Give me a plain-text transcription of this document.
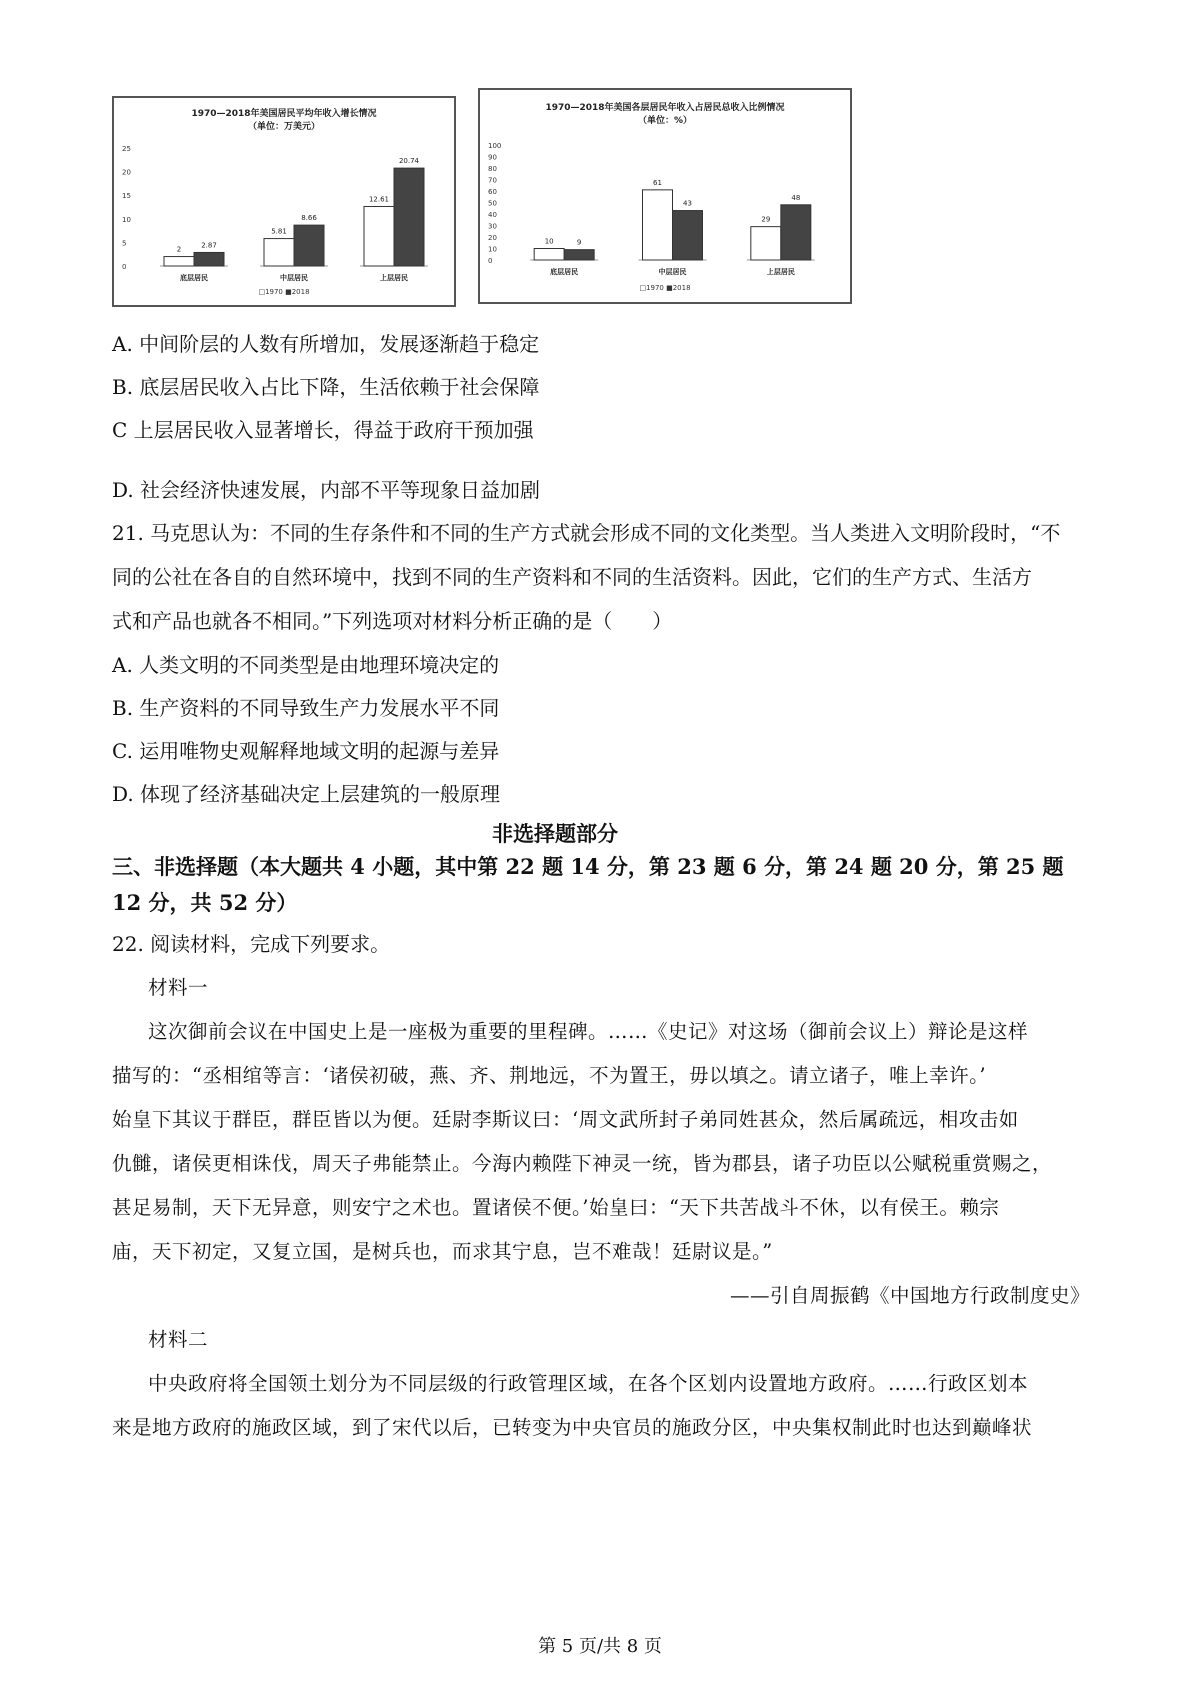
1970—2018年美国居民平均年收入增长情况
（单位：万美元）
0
5
10
15
20
25
2
2.87
底层居民
5.81
8.66
中层居民
12.61
20.74
上层居民
□1970 ■2018
1970—2018年美国各层居民年收入占居民总收入比例情况
（单位：%）
0
10
20
30
40
50
60
70
80
90
100
10	9
底层居民
61
43
中层居民
29
48
上层居民
□1970 ■2018
A. 中间阶层的人数有所增加，发展逐渐趋于稳定
B. 底层居民收入占比下降，生活依赖于社会保障
C 上层居民收入显著增长，得益于政府干预加强
D. 社会经济快速发展，内部不平等现象日益加剧
21. 马克思认为：不同的生存条件和不同的生产方式就会形成不同的文化类型。当人类进入文明阶段时，“不
同的公社在各自的自然环境中，找到不同的生产资料和不同的生活资料。因此，它们的生产方式、生活方
式和产品也就各不相同。”下列选项对材料分析正确的是（　　）
A. 人类文明的不同类型是由地理环境决定的
B. 生产资料的不同导致生产力发展水平不同
C. 运用唯物史观解释地域文明的起源与差异
D. 体现了经济基础决定上层建筑的一般原理
非选择题部分
三、非选择题（本大题共 4 小题，其中第 22 题 14 分，第 23 题 6 分，第 24 题 20 分，第 25 题
12 分，共 52 分）
22. 阅读材料，完成下列要求。
材料一
这次御前会议在中国史上是一座极为重要的里程碑。……《史记》对这场（御前会议上）辩论是这样
描写的：“丞相绾等言：‘诸侯初破，燕、齐、荆地远，不为置王，毋以填之。请立诸子，唯上幸许。’
始皇下其议于群臣，群臣皆以为便。廷尉李斯议曰：‘周文武所封子弟同姓甚众，然后属疏远，相攻击如
仇雠，诸侯更相诛伐，周天子弗能禁止。今海内赖陛下神灵一统，皆为郡县，诸子功臣以公赋税重赏赐之，
甚足易制，天下无异意，则安宁之术也。置诸侯不便。’始皇曰：“天下共苦战斗不休，以有侯王。赖宗
庙，天下初定，又复立国，是树兵也，而求其宁息，岂不难哉！廷尉议是。”
——引自周振鹤《中国地方行政制度史》
材料二
中央政府将全国领土划分为不同层级的行政管理区域，在各个区划内设置地方政府。……行政区划本
来是地方政府的施政区域，到了宋代以后，已转变为中央官员的施政分区，中央集权制此时也达到巅峰状
第 5 页/共 8 页
